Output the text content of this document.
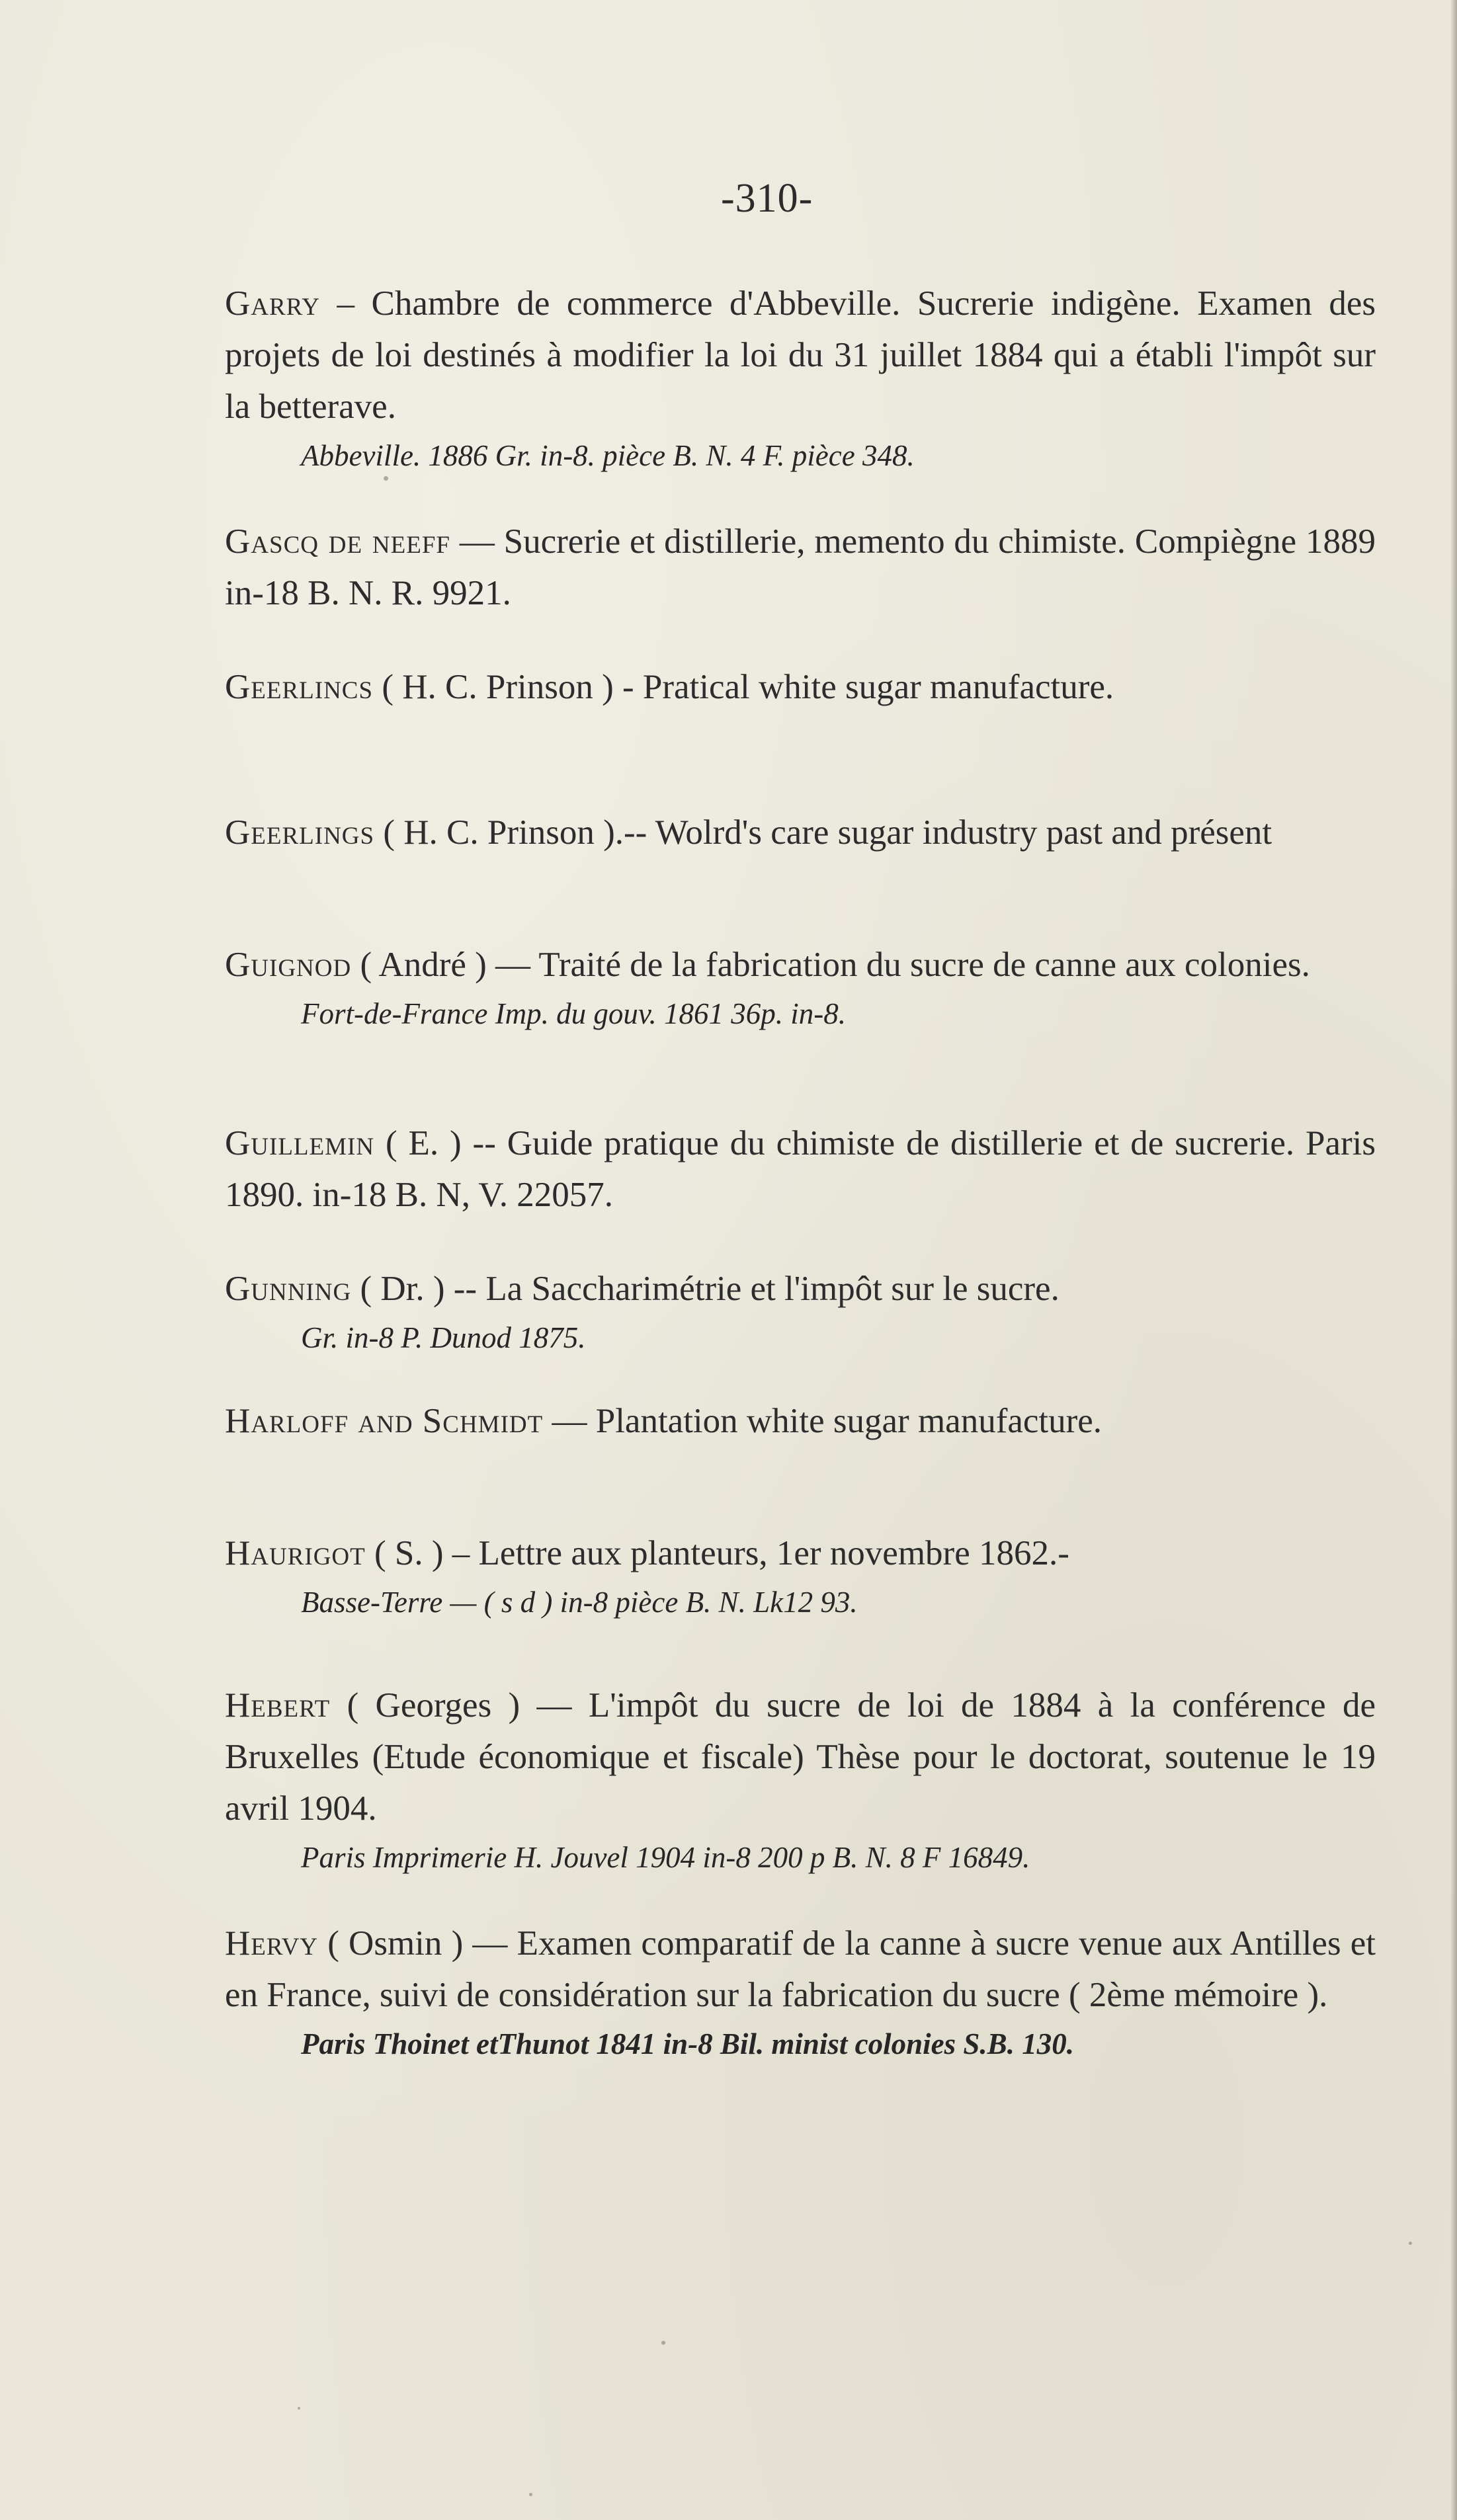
-310-

Garry – Chambre de commerce d'Abbeville. Sucrerie indigène. Examen des projets de loi destinés à modifier la loi du 31 juillet 1884 qui a établi l'impôt sur la betterave.

Abbeville. 1886 Gr. in-8. pièce B. N. 4 F. pièce 348.

Gascq de neeff — Sucrerie et distillerie, memento du chimiste. Compiègne 1889 in-18 B. N. R. 9921.

Geerlincs ( H. C. Prinson ) - Pratical white sugar manufacture.

Geerlings ( H. C. Prinson ).-- Wolrd's care sugar industry past and présent

Guignod ( André ) — Traité de la fabrication du sucre de canne aux colonies.

Fort-de-France Imp. du gouv. 1861 36p. in-8.

Guillemin ( E. ) -- Guide pratique du chimiste de distillerie et de sucrerie. Paris 1890. in-18 B. N, V. 22057.

Gunning ( Dr. ) -- La Saccharimétrie et l'impôt sur le sucre.

Gr. in-8 P. Dunod 1875.

Harloff and Schmidt — Plantation white sugar manufacture.

Haurigot ( S. ) – Lettre aux planteurs, 1er novembre 1862.-

Basse-Terre — ( s d ) in-8 pièce B. N. Lk12 93.

Hebert ( Georges ) — L'impôt du sucre de loi de 1884 à la conférence de Bruxelles (Etude économique et fiscale) Thèse pour le doctorat, soutenue le 19 avril 1904.

Paris Imprimerie H. Jouvel 1904 in-8 200 p B. N. 8 F 16849.

Hervy ( Osmin ) — Examen comparatif de la canne à sucre venue aux Antilles et en France, suivi de considération sur la fabrication du sucre ( 2ème mémoire ).

Paris Thoinet etThunot 1841 in-8 Bil. minist colonies S.B. 130.
